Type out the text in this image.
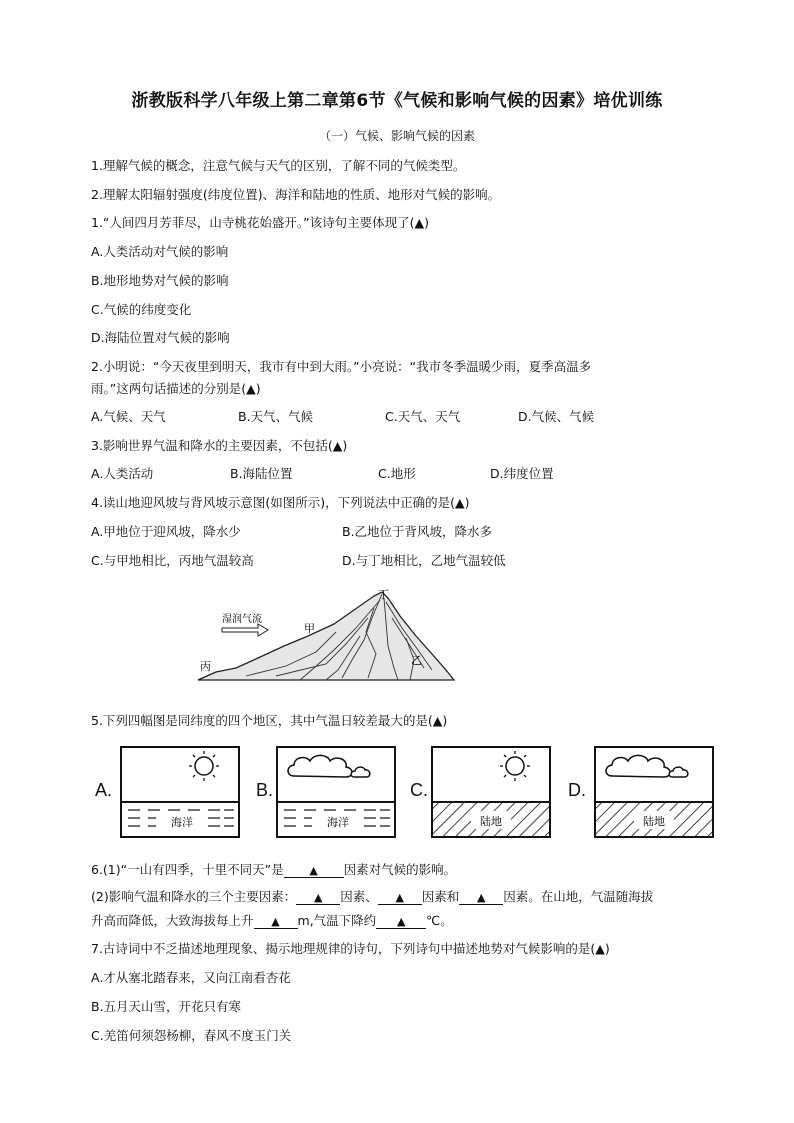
浙教版科学八年级上第二章第6节《气候和影响气候的因素》培优训练
（一）气候、影响气候的因素
1.理解气候的概念，注意气候与天气的区别，了解不同的气候类型。
2.理解太阳辐射强度(纬度位置)、海洋和陆地的性质、地形对气候的影响。
1.“人间四月芳菲尽，山寺桃花始盛开。”该诗句主要体现了(▲)
A.人类活动对气候的影响
B.地形地势对气候的影响
C.气候的纬度变化
D.海陆位置对气候的影响
2.小明说：“今天夜里到明天，我市有中到大雨。”小亮说：“我市冬季温暖少雨，夏季高温多
雨。”这两句话描述的分别是(▲)
A.气候、天气	B.天气、气候	C.天气、天气	D.气候、气候
3.影响世界气温和降水的主要因素，不包括(▲)
A.人类活动	B.海陆位置	C.地形	D.纬度位置
4.读山地迎风坡与背风坡示意图(如图所示)，下列说法中正确的是(▲)
A.甲地位于迎风坡，降水少	B.乙地位于背风坡，降水多
C.与甲地相比，丙地气温较高	D.与丁地相比，乙地气温较低
湿润气流
甲
乙
丙
丁
5.下列四幅图是同纬度的四个地区，其中气温日较差最大的是(▲)
A.
海洋
B.
海洋
C.
陆地
D.
陆地
6.(1)“一山有四季，十里不同天”是 ▲ 因素对气候的影响。
(2)影响气温和降水的三个主要因素： ▲ 因素、 ▲ 因素和 ▲ 因素。在山地，气温随海拔
升高而降低，大致海拔每上升 ▲ m,气温下降约 ▲ ℃。
7.古诗词中不乏描述地理现象、揭示地理规律的诗句，下列诗句中描述地势对气候影响的是(▲)
A.才从塞北踏春来，又向江南看杏花
B.五月天山雪，开花只有寒
C.羌笛何须怨杨柳，春风不度玉门关
